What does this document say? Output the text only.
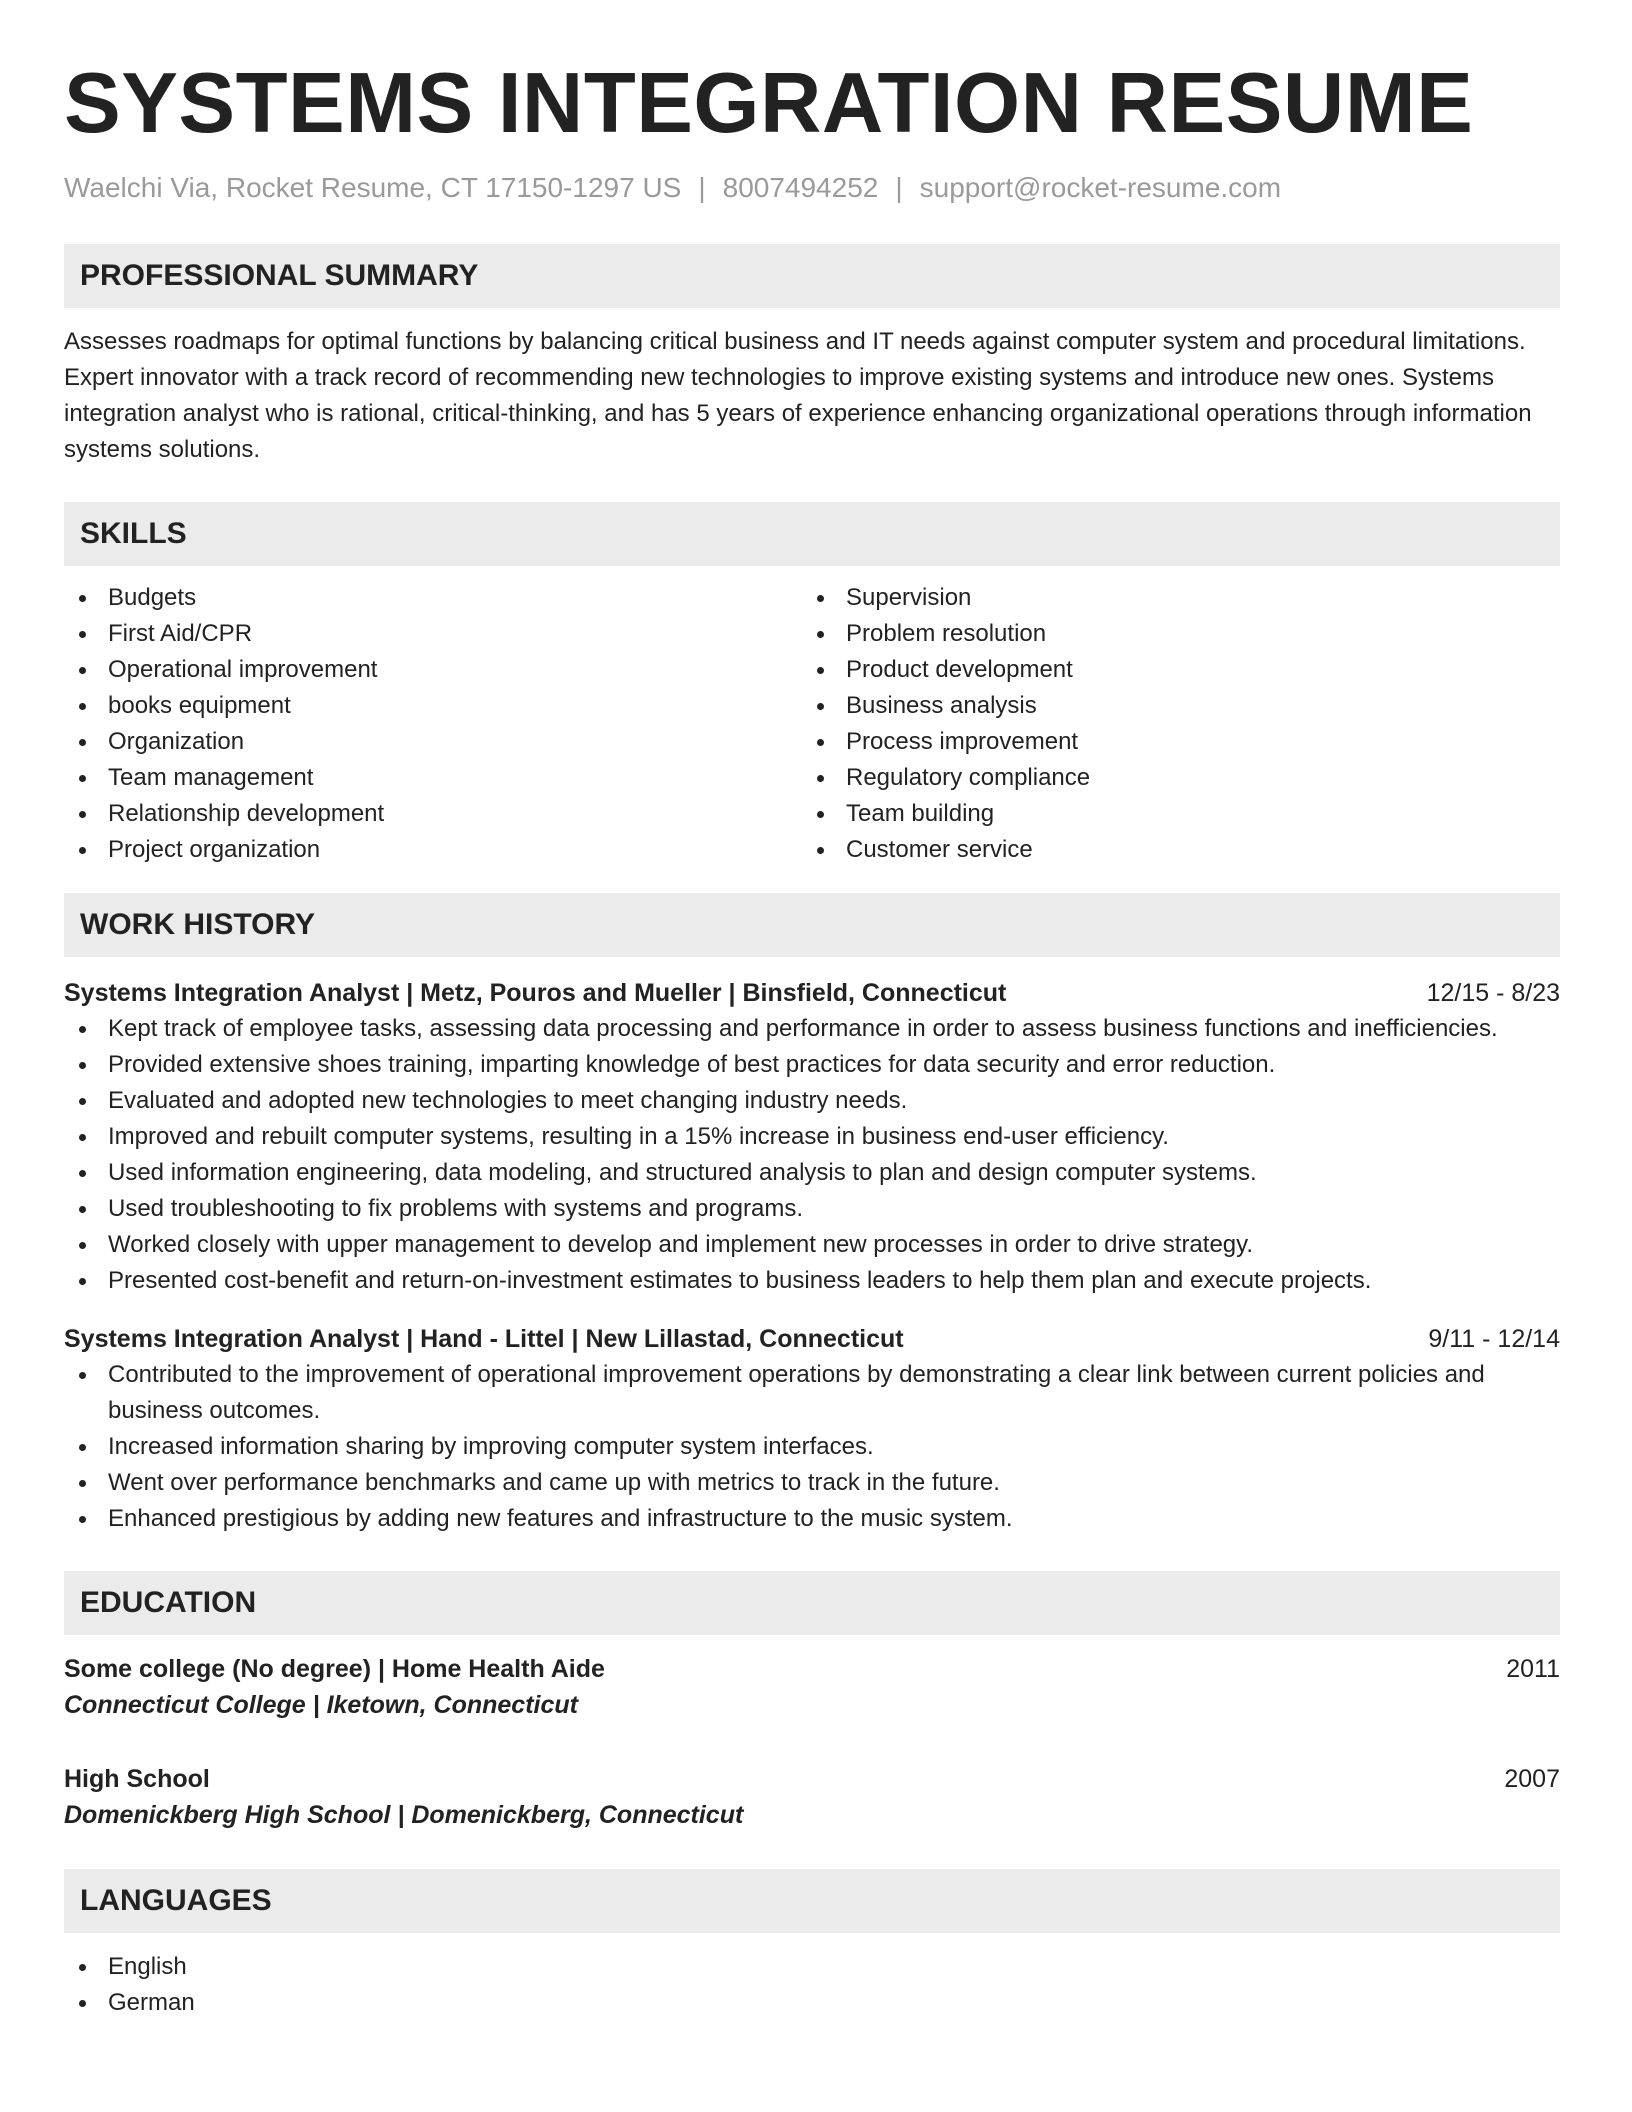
SYSTEMS INTEGRATION RESUME
Waelchi Via, Rocket Resume, CT 17150-1297 US | 8007494252 | support@rocket-resume.com
PROFESSIONAL SUMMARY

Assesses roadmaps for optimal functions by balancing critical business and IT needs against computer system and procedural limitations. Expert innovator with a track record of recommending new technologies to improve existing systems and introduce new ones. Systems integration analyst who is rational, critical-thinking, and has 5 years of experience enhancing organizational operations through information systems solutions.

SKILLS
Budgets
First Aid/CPR
Operational improvement
books equipment
Organization
Team management
Relationship development
Project organization
Supervision
Problem resolution
Product development
Business analysis
Process improvement
Regulatory compliance
Team building
Customer service
WORK HISTORY
Systems Integration Analyst | Metz, Pouros and Mueller | Binsfield, Connecticut	12/15 - 8/23
Kept track of employee tasks, assessing data processing and performance in order to assess business functions and inefficiencies.
Provided extensive shoes training, imparting knowledge of best practices for data security and error reduction.
Evaluated and adopted new technologies to meet changing industry needs.
Improved and rebuilt computer systems, resulting in a 15% increase in business end-user efficiency.
Used information engineering, data modeling, and structured analysis to plan and design computer systems.
Used troubleshooting to fix problems with systems and programs.
Worked closely with upper management to develop and implement new processes in order to drive strategy.
Presented cost-benefit and return-on-investment estimates to business leaders to help them plan and execute projects.
Systems Integration Analyst | Hand - Littel | New Lillastad, Connecticut	9/11 - 12/14
Contributed to the improvement of operational improvement operations by demonstrating a clear link between current policies and business outcomes.
Increased information sharing by improving computer system interfaces.
Went over performance benchmarks and came up with metrics to track in the future.
Enhanced prestigious by adding new features and infrastructure to the music system.
EDUCATION
Some college (No degree) | Home Health Aide	2011
Connecticut College | Iketown, Connecticut
High School	2007
Domenickberg High School | Domenickberg, Connecticut
LANGUAGES
English
German
